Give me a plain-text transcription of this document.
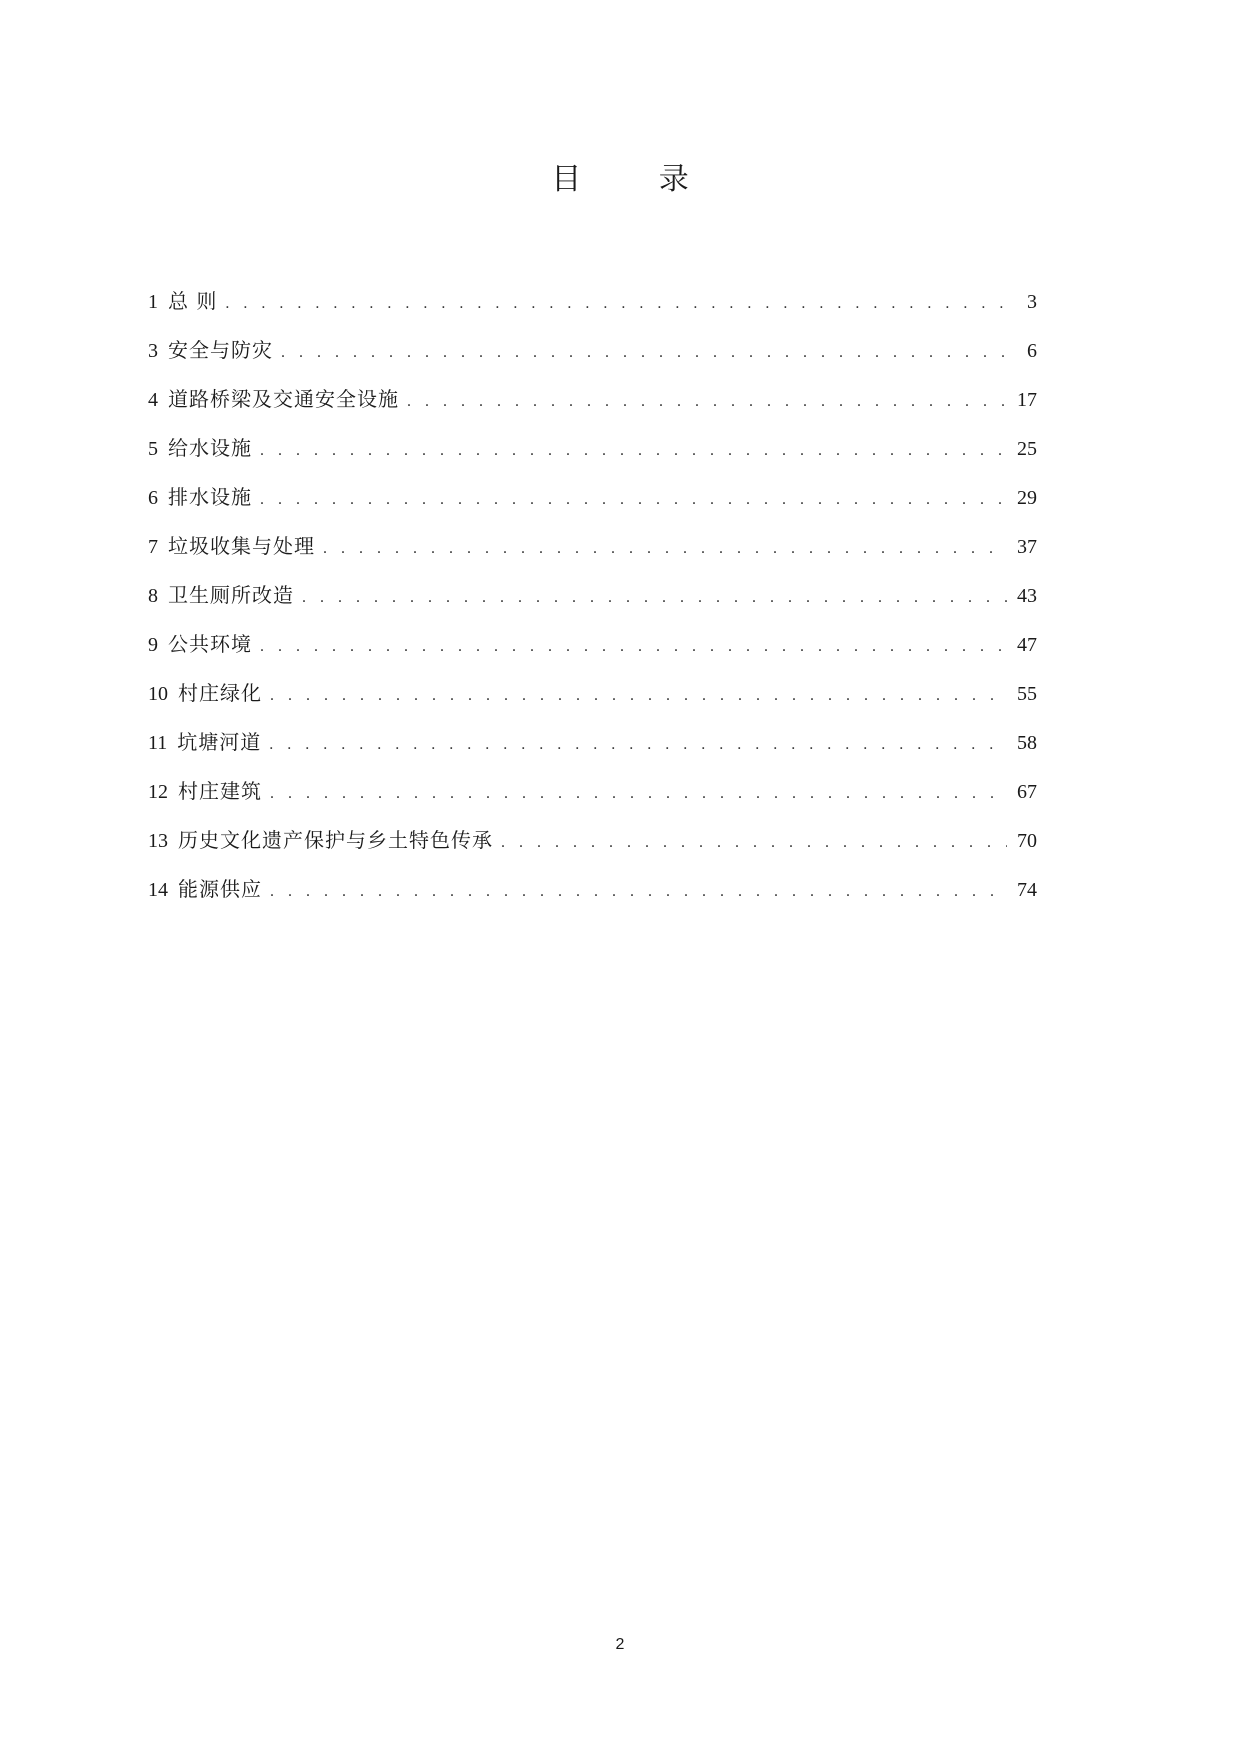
目 录
1 总 则 . . .	3
3 安全与防灾 . . .	6
4 道路桥梁及交通安全设施 . . .	17
5 给水设施 . . .	25
6 排水设施 . . .	29
7 垃圾收集与处理 . . .	37
8 卫生厕所改造 . . .	43
9 公共环境 . . .	47
10 村庄绿化 . . .	55
11 坑塘河道 . . .	58
12 村庄建筑 . . .	67
13 历史文化遗产保护与乡土特色传承 . . .	70
14 能源供应 . . .	74
2
